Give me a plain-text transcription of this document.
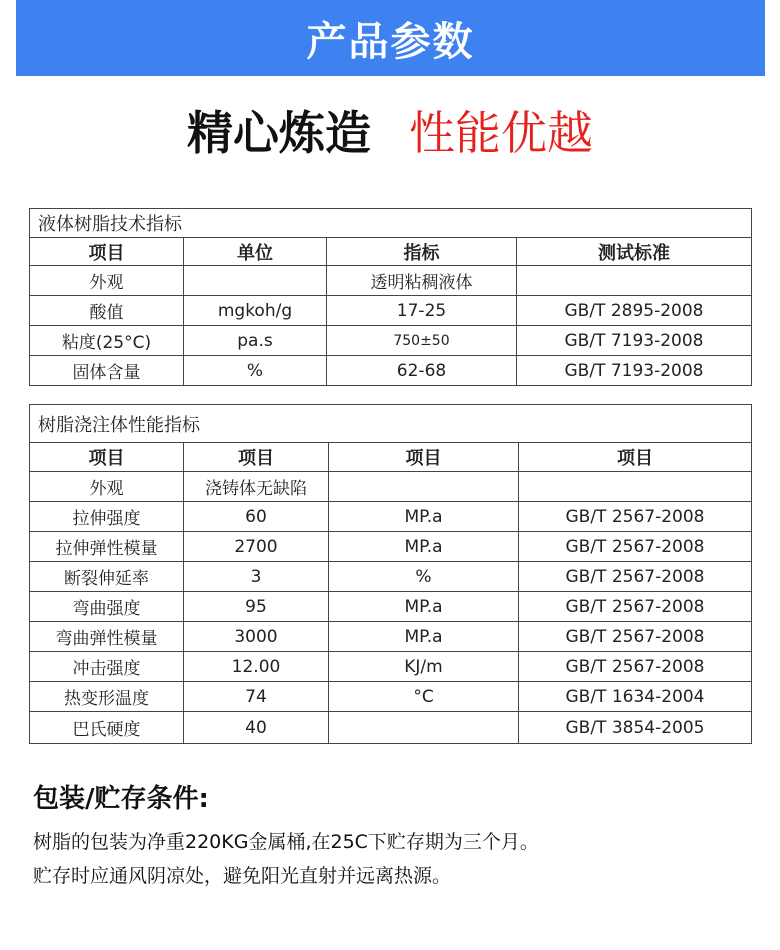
产品参数
精心炼造 性能优越
液体树脂技术指标			
项目	单位	指标	测试标准
外观		透明粘稠液体	
酸值	mgkoh/g	17-25	GB/T 2895-2008
粘度(25°C)	pa.s	750±50	GB/T 7193-2008
固体含量	%	62-68	GB/T 7193-2008
树脂浇注体性能指标			
项目	项目	项目	项目
外观	浇铸体无缺陷		
拉伸强度	60	MP.a	GB/T 2567-2008
拉伸弹性模量	2700	MP.a	GB/T 2567-2008
断裂伸延率	3	%	GB/T 2567-2008
弯曲强度	95	MP.a	GB/T 2567-2008
弯曲弹性模量	3000	MP.a	GB/T 2567-2008
冲击强度	12.00	KJ/m	GB/T 2567-2008
热变形温度	74	°C	GB/T 1634-2004
巴氏硬度	40		GB/T 3854-2005
包装/贮存条件:
树脂的包装为净重220KG金属桶,在25C下贮存期为三个月。
贮存时应通风阴凉处，避免阳光直射并远离热源。
